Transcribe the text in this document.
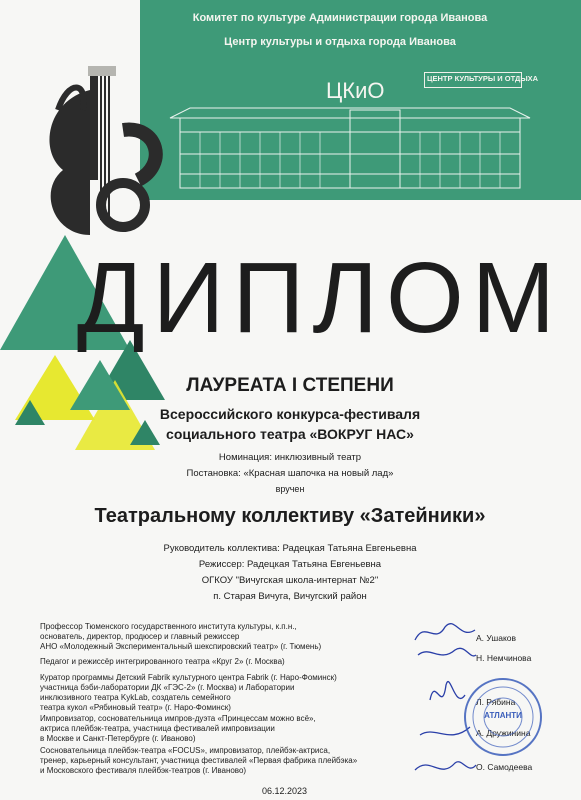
Комитет по культуре Администрации города Иванова
Центр культуры и отдыха города Иванова
ЦКиО	ЦЕНТР КУЛЬТУРЫ И ОТДЫХА
ДИПЛОМ
ЛАУРЕАТА I СТЕПЕНИ
Всероссийского конкурса-фестиваля
социального театра «ВОКРУГ НАС»
Номинация: инклюзивный театр
Постановка: «Красная шапочка на новый лад»
вручен
Театральному коллективу «Затейники»
Руководитель коллектива: Радецкая Татьяна Евгеньевна
Режиссер: Радецкая Татьяна Евгеньевна
ОГКОУ "Вичугская школа-интернат №2"
п. Старая Вичуга, Вичугский район
Профессор Тюменского государственного института культуры, к.п.н.,
основатель, директор, продюсер и главный режиссер
АНО «Молодежный Экспериментальный шекспировский театр» (г. Тюмень)
А. Ушаков
Педагог и режиссёр интегрированного театра «Круг 2» (г. Москва)	Н. Немчинова
Куратор программы Детский Fabrik культурного центра Fabrik (г. Наро-Фоминск)
участница бэби-лаборатории ДК «ГЭС-2» (г. Москва) и Лаборатории
инклюзивного театра KykLab, создатель семейного
театра кукол «Рябиновый театр» (г. Наро-Фоминск)
Л. Рябина
Импровизатор, сосновательница импров-дуэта «Принцессам можно всё»,
актриса плейбэк-театра, участница фестивалей импровизации
в Москве и Санкт-Петербурге (г. Иваново)
А. Дружинина
Сосновательница плейбэк-театра «FOCUS», импровизатор, плейбэк-актриса,
тренер, карьерный консультант, участница фестивалей «Первая фабрика плейбэка»
и Московского фестиваля плейбэк-театров (г. Иваново)	О. Самодеева
АТЛАНТИ
06.12.2023
